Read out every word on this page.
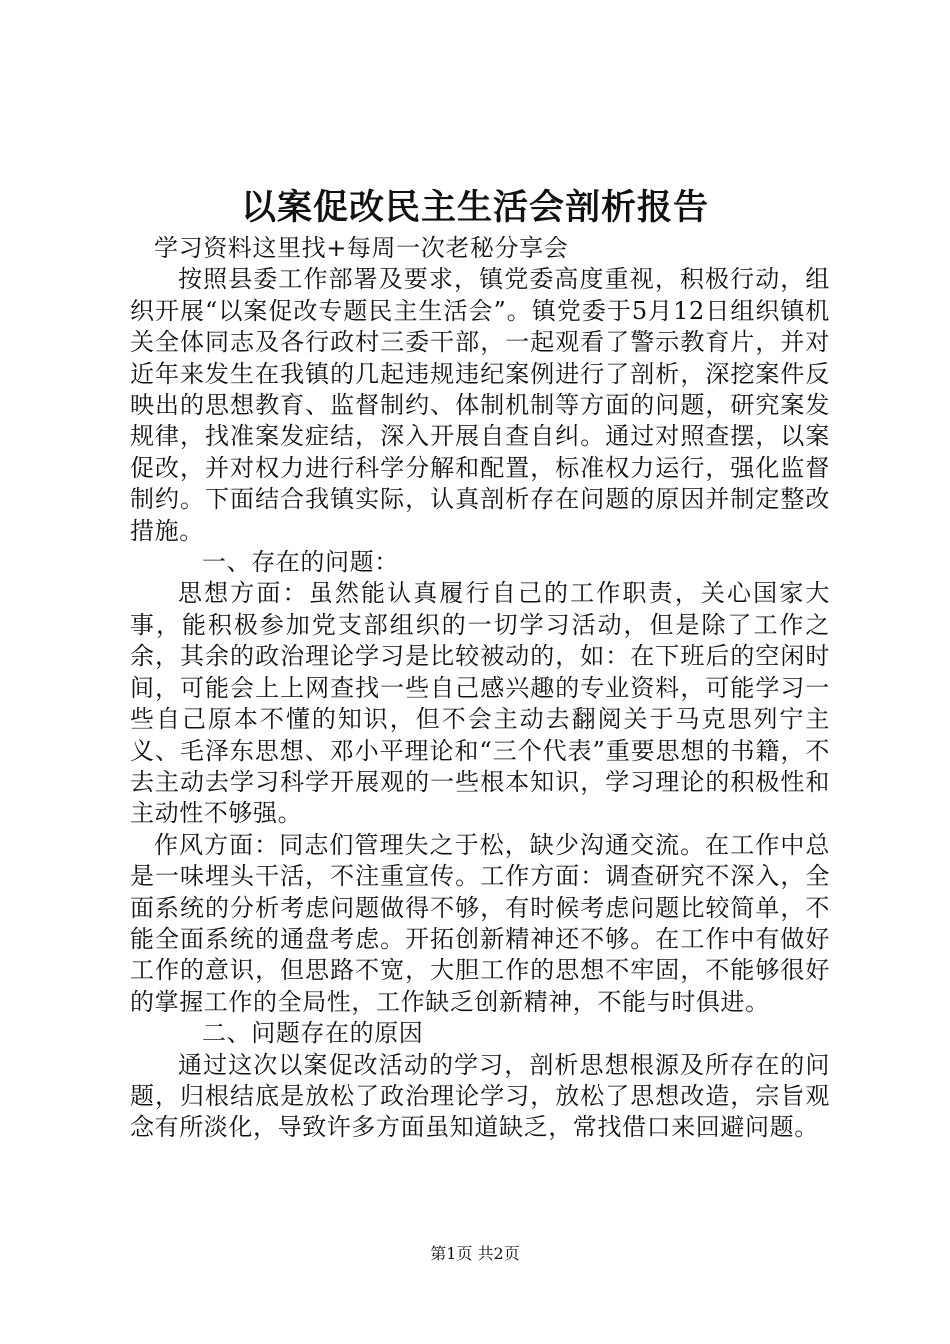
以案促改民主生活会剖析报告

学习资料这里找+每周一次老秘分享会

按照县委工作部署及要求，镇党委高度重视，积极行动，组织开展“以案促改专题民主生活会”。镇党委于5月12日组织镇机关全体同志及各行政村三委干部，一起观看了警示教育片，并对近年来发生在我镇的几起违规违纪案例进行了剖析，深挖案件反映出的思想教育、监督制约、体制机制等方面的问题，研究案发规律，找准案发症结，深入开展自查自纠。通过对照查摆，以案促改，并对权力进行科学分解和配置，标准权力运行，强化监督制约。下面结合我镇实际，认真剖析存在问题的原因并制定整改措施。

一、存在的问题：

思想方面：虽然能认真履行自己的工作职责，关心国家大事，能积极参加党支部组织的一切学习活动，但是除了工作之余，其余的政治理论学习是比较被动的，如：在下班后的空闲时间，可能会上上网查找一些自己感兴趣的专业资料，可能学习一些自己原本不懂的知识，但不会主动去翻阅关于马克思列宁主义、毛泽东思想、邓小平理论和“三个代表”重要思想的书籍，不去主动去学习科学开展观的一些根本知识，学习理论的积极性和主动性不够强。

作风方面：同志们管理失之于松，缺少沟通交流。在工作中总是一味埋头干活，不注重宣传。工作方面：调查研究不深入，全面系统的分析考虑问题做得不够，有时候考虑问题比较简单，不能全面系统的通盘考虑。开拓创新精神还不够。在工作中有做好工作的意识，但思路不宽，大胆工作的思想不牢固，不能够很好的掌握工作的全局性，工作缺乏创新精神，不能与时俱进。

二、问题存在的原因

通过这次以案促改活动的学习，剖析思想根源及所存在的问题，归根结底是放松了政治理论学习，放松了思想改造，宗旨观念有所淡化，导致许多方面虽知道缺乏，常找借口来回避问题。

第1页 共2页
